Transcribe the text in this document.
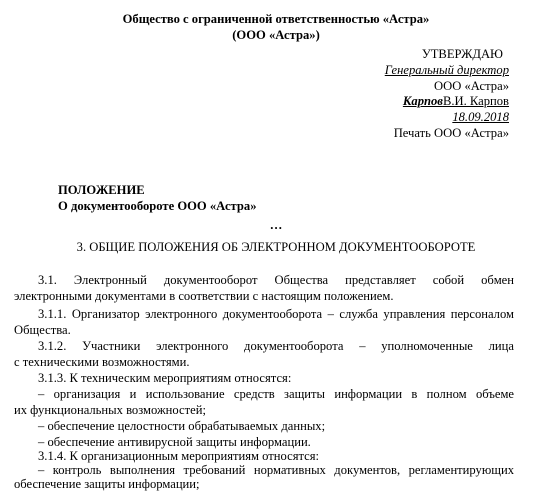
Общество с ограниченной ответственностью «Астра»
(ООО «Астра»)
УТВЕРЖДАЮ
Генеральный директор
ООО «Астра»
КарповВ.И. Карпов
18.09.2018
Печать ООО «Астра»
ПОЛОЖЕНИЕ
О документообороте ООО «Астра»
…
3. ОБЩИЕ ПОЛОЖЕНИЯ ОБ ЭЛЕКТРОННОМ ДОКУМЕНТООБОРОТЕ
3.1. Электронный документооборот Общества представляет собой обмен
электронными документами в соответствии с настоящим положением.
3.1.1. Организатор электронного документооборота – служба управления персоналом
Общества.
3.1.2. Участники электронного документооборота – уполномоченные лица
с техническими возможностями.
3.1.3. К техническим мероприятиям относятся:
– организация и использование средств защиты информации в полном объеме
их функциональных возможностей;
– обеспечение целостности обрабатываемых данных;
– обеспечение антивирусной защиты информации.
3.1.4. К организационным мероприятиям относятся:
– контроль выполнения требований нормативных документов, регламентирующих
обеспечение защиты информации;
